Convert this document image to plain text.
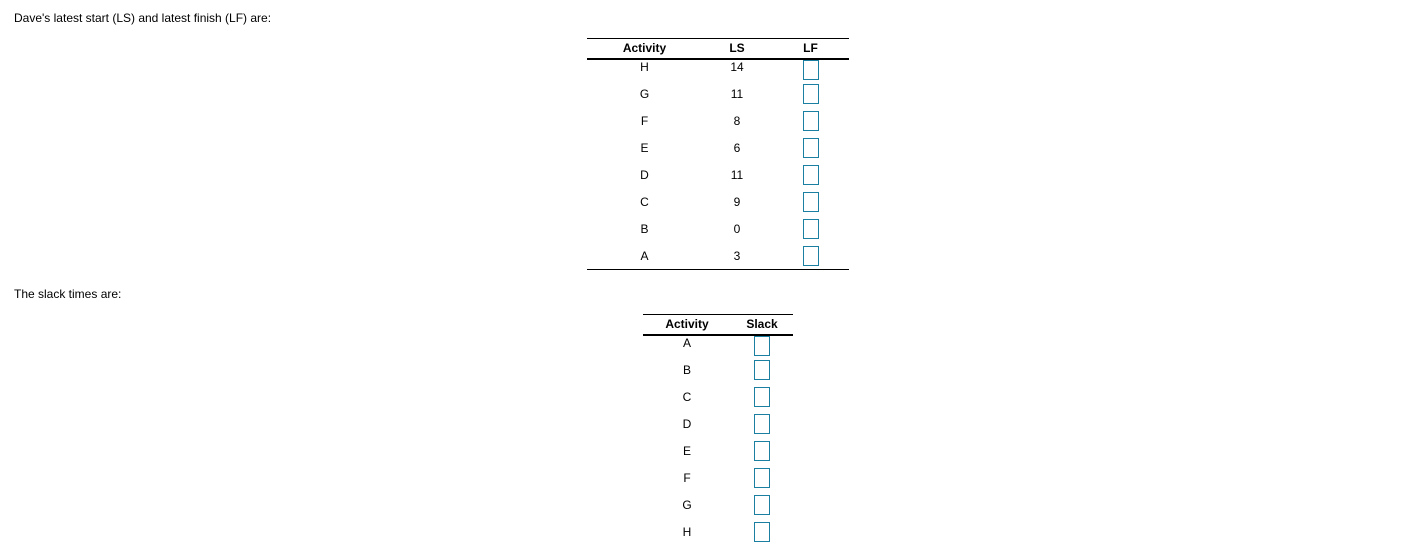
Dave's latest start (LS) and latest finish (LF) are:
Activity	LS	LF
H	14	
G	11	
F	8	
E	6	
D	11	
C	9	
B	0	
A	3	
The slack times are:
Activity	Slack
A	
B	
C	
D	
E	
F	
G	
H	
